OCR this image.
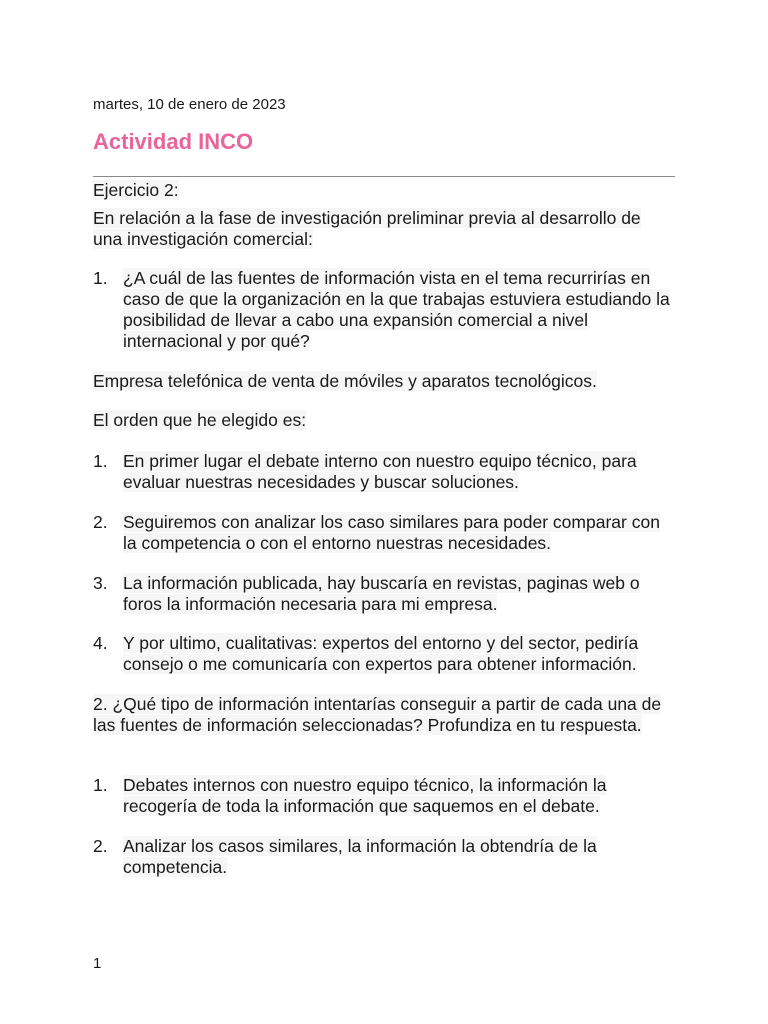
martes, 10 de enero de 2023
Actividad INCO
Ejercicio 2:
En relación a la fase de investigación preliminar previa al desarrollo de una investigación comercial:
1. ¿A cuál de las fuentes de información vista en el tema recurrirías en caso de que la organización en la que trabajas estuviera estudiando la posibilidad de llevar a cabo una expansión comercial a nivel internacional y por qué?
Empresa telefónica de venta de móviles y aparatos tecnológicos.
El orden que he elegido es:
1. En primer lugar el debate interno con nuestro equipo técnico, para evaluar nuestras necesidades y buscar soluciones.
2. Seguiremos con analizar los caso similares para poder comparar con la competencia o con el entorno nuestras necesidades.
3. La información publicada, hay buscaría en revistas, paginas web o foros la información necesaria para mi empresa.
4. Y por ultimo, cualitativas: expertos del entorno y del sector, pediría consejo o me comunicaría con expertos para obtener información.
2. ¿Qué tipo de información intentarías conseguir a partir de cada una de las fuentes de información seleccionadas? Profundiza en tu respuesta.
1. Debates internos con nuestro equipo técnico, la información la recogería de toda la información que saquemos en el debate.
2. Analizar los casos similares, la información la obtendría de la competencia.
1
